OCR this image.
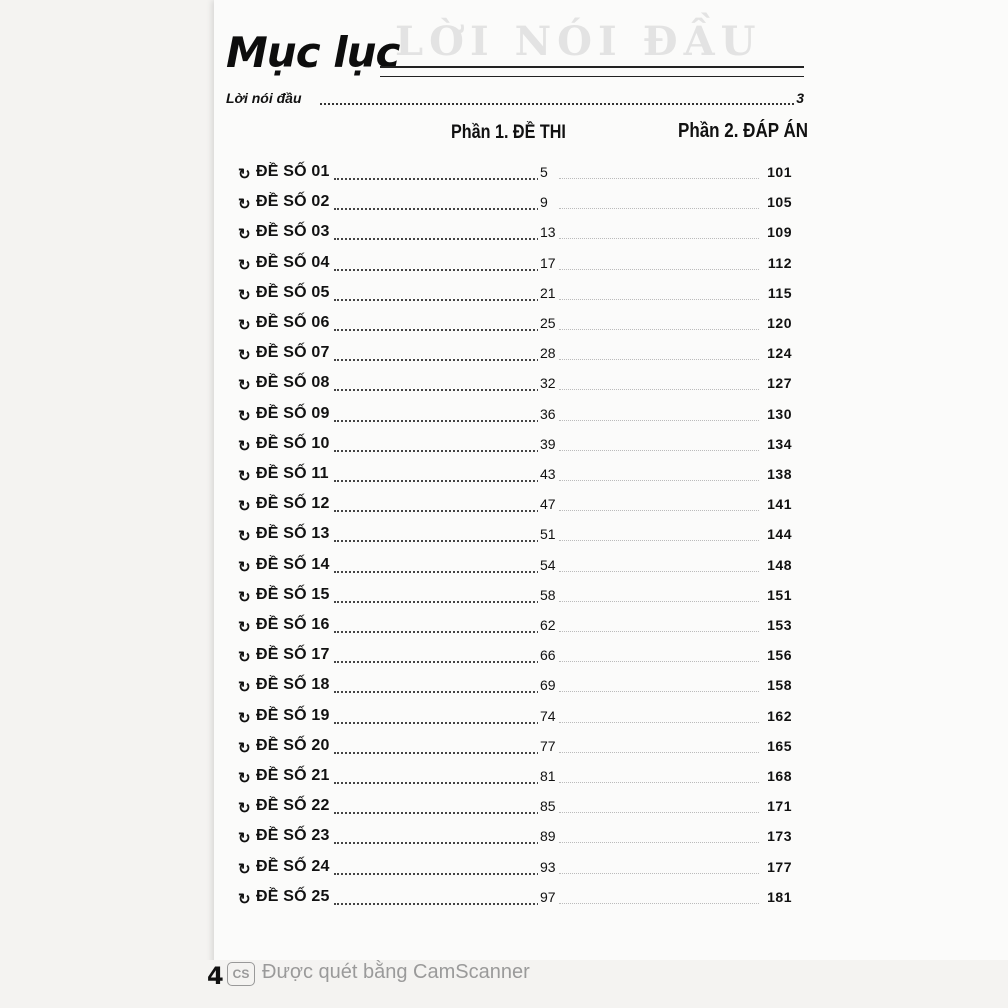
LỜI NÓI ĐẦU
Mục lục
Lời nói đầu	3
Phần 1. ĐỀ THI	Phần 2. ĐÁP ÁN
↻ ĐỀ SỐ 01	5	101
↻ ĐỀ SỐ 02	9	105
↻ ĐỀ SỐ 03	13	109
↻ ĐỀ SỐ 04	17	112
↻ ĐỀ SỐ 05	21	115
↻ ĐỀ SỐ 06	25	120
↻ ĐỀ SỐ 07	28	124
↻ ĐỀ SỐ 08	32	127
↻ ĐỀ SỐ 09	36	130
↻ ĐỀ SỐ 10	39	134
↻ ĐỀ SỐ 11	43	138
↻ ĐỀ SỐ 12	47	141
↻ ĐỀ SỐ 13	51	144
↻ ĐỀ SỐ 14	54	148
↻ ĐỀ SỐ 15	58	151
↻ ĐỀ SỐ 16	62	153
↻ ĐỀ SỐ 17	66	156
↻ ĐỀ SỐ 18	69	158
↻ ĐỀ SỐ 19	74	162
↻ ĐỀ SỐ 20	77	165
↻ ĐỀ SỐ 21	81	168
↻ ĐỀ SỐ 22	85	171
↻ ĐỀ SỐ 23	89	173
↻ ĐỀ SỐ 24	93	177
↻ ĐỀ SỐ 25	97	181
4 CS Được quét bằng CamScanner
